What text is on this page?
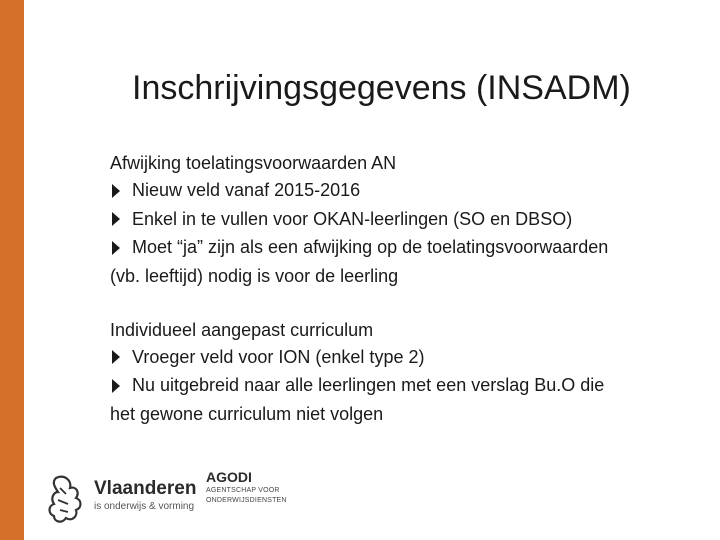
Inschrijvingsgegevens (INSADM)
Afwijking toelatingsvoorwaarden AN
Nieuw veld vanaf 2015-2016

Enkel in te vullen voor OKAN-leerlingen (SO en DBSO)

Moet “ja” zijn als een afwijking op de toelatingsvoorwaarden
(vb. leeftijd) nodig is voor de leerling
Individueel aangepast curriculum
Vroeger veld voor ION (enkel type 2)

Nu uitgebreid naar alle leerlingen met een verslag Bu.O die
het gewone curriculum niet volgen
Vlaanderen
is onderwijs & vorming
AGODI
AGENTSCHAP VOOR ONDERWIJSDIENSTEN
